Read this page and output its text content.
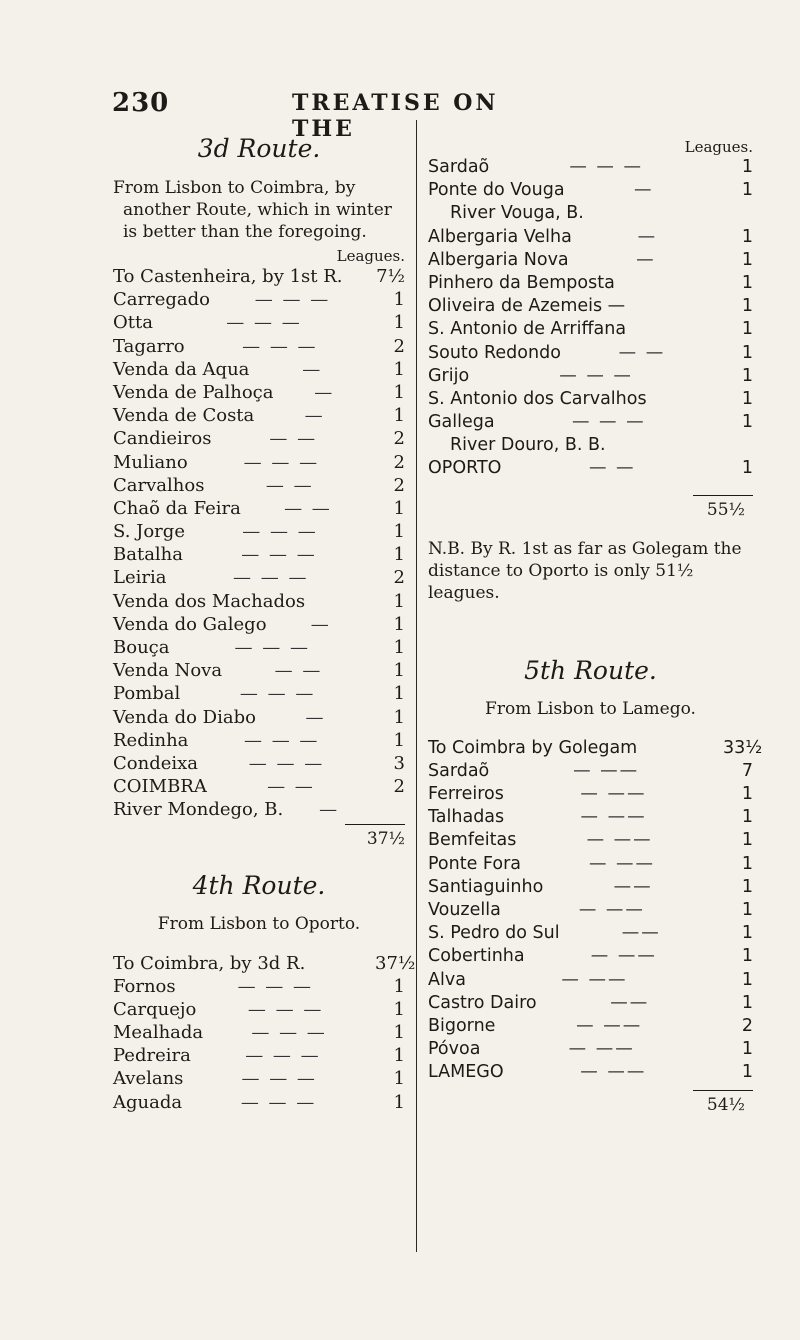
230	TREATISE ON THE
3d Route.

From Lisbon to Coimbra, by another Route, which in winter is better than the foregoing.

Leagues.
To Castenheira, by 1st R. 7½
Carregado	— — —	1
Otta	— — —	1
Tagarro	— — —	2
Venda da Aqua	—	1
Venda de Palhoça	—	1
Venda de Costa	—	1
Candieiros	— —	2
Muliano	— — —	2
Carvalhos	— —	2
Chaõ da Feira	— —	1
S. Jorge	— — —	1
Batalha	— — —	1
Leiria	— — —	2
Venda dos Machados	1
Venda do Galego	—	1
Bouça	— — —	1
Venda Nova	— —	1
Pombal	— — —	1
Venda do Diabo	—	1
Redinha	— — —	1
Condeixa	— — —	3
COIMBRA	— —	2
River Mondego, B.	—
37½
4th Route.
From Lisbon to Oporto.
To Coimbra, by 3d R.	37½
Fornos	— — —	1
Carquejo	— — —	1
Mealhada	— — —	1
Pedreira	— — —	1
Avelans	— — —	1
Aguada	— — —	1
Leagues.
Sardaõ	— — —	1
Ponte do Vouga	—	1
River Vouga, B.
Albergaria Velha	—	1
Albergaria Nova	—	1
Pinhero da Bemposta	1
Oliveira de Azemeis —	1
S. Antonio de Arriffana	1
Souto Redondo	— —	1
Grijo	— — —	1
S. Antonio dos Carvalhos	1
Gallega	— — —	1
River Douro, B. B.
OPORTO	— —	1
55½

N.B. By R. 1st as far as Golegam the distance to Oporto is only 51½ leagues.

5th Route.
From Lisbon to Lamego.
To Coimbra by Golegam	33½
Sardaõ	— ——	7
Ferreiros	— ——	1
Talhadas	— ——	1
Bemfeitas	— ——	1
Ponte Fora	— ——	1
Santiaguinho	——	1
Vouzella	— ——	1
S. Pedro do Sul	——	1
Cobertinha	— ——	1
Alva	— ——	1
Castro Dairo	——	1
Bigorne	— ——	2
Póvoa	— ——	1
LAMEGO	— ——	1
54½
